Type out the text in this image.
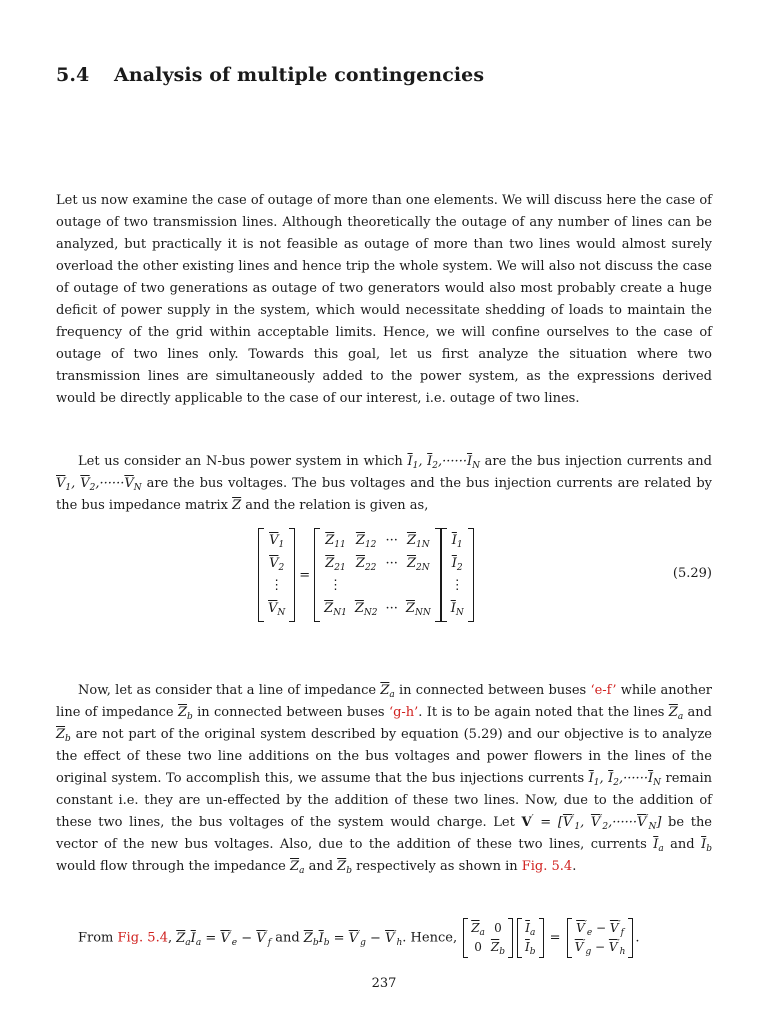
5.4 Analysis of multiple contingencies

Let us now examine the case of outage of more than one elements. We will discuss here the case of outage of two transmission lines. Although theoretically the outage of any number of lines can be analyzed, but practically it is not feasible as outage of more than two lines would almost surely overload the other existing lines and hence trip the whole system. We will also not discuss the case of outage of two generations as outage of two generators would also most probably create a huge deficit of power supply in the system, which would necessitate shedding of loads to maintain the frequency of the grid within acceptable limits. Hence, we will confine ourselves to the case of outage of two lines only. Towards this goal, let us first analyze the situation where two transmission lines are simultaneously added to the power system, as the expressions derived would be directly applicable to the case of our interest, i.e. outage of two lines.

Let us consider an N-bus power system in which $\overline{I}_1$, $\overline{I}_2,\cdot\cdot\cdot\cdot\cdot\cdot\overline{I}_N$ are the bus injection currents and $\overline{V}_1$, $\overline{V}_2,\cdot\cdot\cdot\cdot\cdot\cdot\overline{V}_N$ are the bus voltages. The bus voltages and the bus injection currents are related by the bus impedance matrix $\overline{Z}$ and the relation is given as,

$\overline{V}_1$
$\overline{V}_2$
⋮
$\overline{V}_N$
=
$\overline{Z}_{11}$
$\overline{Z}_{21}$
⋮
$\overline{Z}_{N1}$
$\overline{Z}_{12}$
$\overline{Z}_{22}$

$\overline{Z}_{N2}$
···
···

···
$\overline{Z}_{1N}$
$\overline{Z}_{2N}$

$\overline{Z}_{NN}$
$\overline{I}_1$
$\overline{I}_2$
⋮
$\overline{I}_N$
(5.29)

Now, let as consider that a line of impedance $\overline{Z}_a$ in connected between buses ‘e-f’ while another line of impedance $\overline{Z}_b$ in connected between buses ‘g-h’. It is to be again noted that the lines $\overline{Z}_a$ and $\overline{Z}_b$ are not part of the original system described by equation (5.29) and our objective is to analyze the effect of these two line additions on the bus voltages and power flowers in the lines of the original system. To accomplish this, we assume that the bus injections currents $\overline{I}_1$, $\overline{I}_2,\cdot\cdot\cdot\cdot\cdot\cdot\overline{I}_N$ remain constant i.e. they are un-effected by the addition of these two lines. Now, due to the addition of these two lines, the bus voltages of the system would charge. Let $V' = [\overline{V}'_1$, $\overline{V}'_2,\cdot\cdot\cdot\cdot\cdot\cdot\overline{V}'_N$] be the vector of the new bus voltages. Also, due to the addition of these two lines, currents $\overline{I}_a$ and $\overline{I}_b$ would flow through the impedance $\overline{Z}_a$ and $\overline{Z}_b$ respectively as shown in Fig. 5.4.

From Fig. 5.4, $\overline{Z}_a\overline{I}_a = \overline{V}'_e - \overline{V}'_f$ and $\overline{Z}_b\overline{I}_b = \overline{V}'_g - \overline{V}'_h$. Hence,
$\overline{Z}_a$
0
0
$\overline{Z}_b$
$\overline{I}_a$
$\overline{I}_b$
=
$\overline{V}'_e - \overline{V}'_f$
$\overline{V}'_g - \overline{V}'_h$
.
237
